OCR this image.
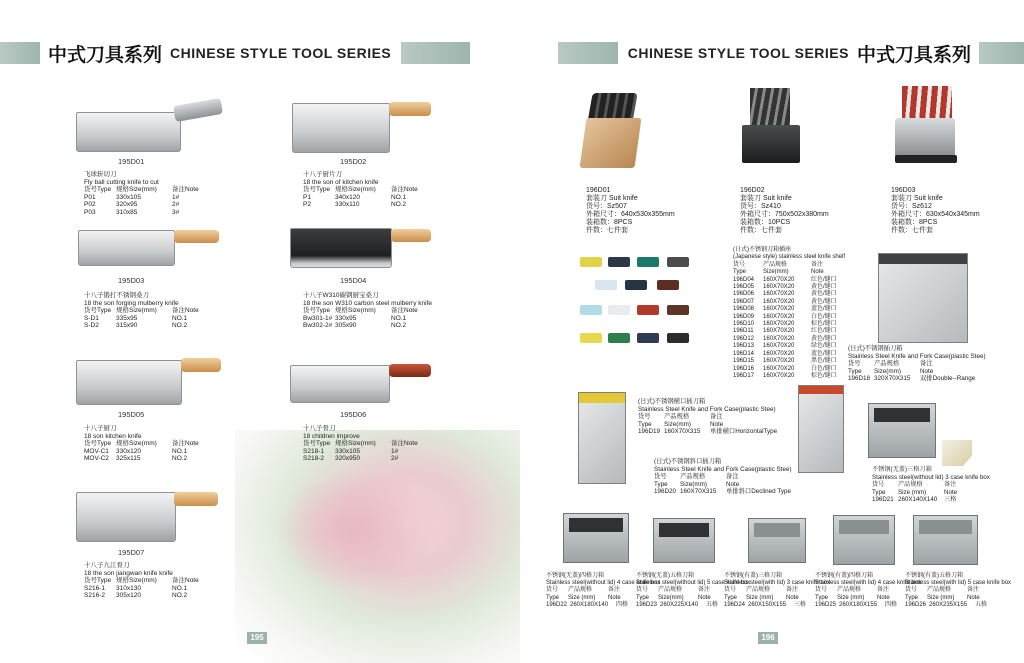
中式刀具系列 CHINESE STYLE TOOL SERIES	CHINESE STYLE TOOL SERIES 中式刀具系列
195D01
飞球斩切刀
Fly ball cutting knife to cut
货号Type 规格Size(mm)	备注Note
P01	330x105	1#
P02	320x95	2#
P03	310x85	3#
195D02
十八子厨片刀
18 the son of kitchen knife
货号Type 规格Size(mm)	备注Note
P1	340x120	NO.1
P2	330x110	NO.2
195D03
十八子锻打不锈钢桑刀
18 the son forging mulberry knife
货号Type 规格Size(mm)	备注Note
S-D1	335x95	NO.1
S-D2	315x90	NO.2
195D04
十八子W310碳钢厨宝桑刀
18 the son W310 carbon steel mulberry knife
货号Type 规格Size(mm)	备注Note
Bw301-1# 330x95	NO.1
Bw302-2# 305x90	NO.2
195D05
十八子厨刀
18 son kitchen knife
货号Type 规格Size(mm)	备注Note
MOV-C1	330x120	NO.1
MOV-C2	325x115	NO.2
195D06
十八子骨刀
18 children improve
货号Type 规格Size(mm)	备注Note
S218-1	330x105	1#
S218-2	320x950	2#
195D07
十八子九江骨刀
18 the son jiangwan knife knife
货号Type 规格Size(mm)	备注Note
S216-1	310x130	NO.1
S216-2	305x120	NO.2
195
196D01
套装刀 Suit knife
货号：Sz507
外箱尺寸：640x530x355mm
装箱数：8PCS
件数：七件套
196D02
套装刀 Suit knife
货号：Sz410
外箱尺寸：750x502x380mm
装箱数：10PCS
件数：七件套
196D03
套装刀 Suit knife
货号：Sz612
外箱尺寸：630x540x345mm
装箱数：8PCS
件数：七件套
(日式)不锈钢刀箱插座
(Japanese style) stainless steel knife shelf
货号	产品规格	备注
Type	Size(mm)	Note
196D04	160X70X20	红色/缝口
196D05	160X70X20	黄色/缝口
196D06	160X70X20	黄色/缝口
196D07	160X70X20	黄色/缝口
196D08	160X70X20	蓝色/缝口
196D09	160X70X20	白色/缝口
196D10	160X70X20	棕色/缝口
196D11	160X70X20	红色/缝口
196D12	160X70X20	黄色/缝口
196D13	160X70X20	绿色/缝口
196D14	160X70X20	蓝色/缝口
196D15	160X70X20	黑色/缝口
196D16	160X70X20	白色/缝口
196D17	160X70X20	棕色/缝口
(日式)不锈钢插刀箱
Stainless Steel Knife and Fork Case(plastic Stee)
货号	产品规格	备注
Type	Size(mm)	Note
196D18 320X70X315	双排Double--Range
(日式)不锈钢横口插刀箱
Stainless Steel Knife and Fork Case(plastic Stee)
货号	产品规格	备注
Type	Size(mm)	Note
196D19 160X70X315	单排横口HorizontalType
(日式)不锈钢斜口插刀箱
Stainless Steel Knife and Fork Case(plastic Stee)
货号	产品规格	备注
Type	Size(mm)	Note
196D20 160X70X315	单排斜口Declined Type
不锈钢(无盖)三格刀箱
Stainless steel(without lid) 3 case knife box
货号	产品规格	备注
Type	Size (mm)	Note
196D21 260X140X140	三格
不锈钢(无盖)四格刀箱
Stainless steel(without lid) 4 case knife box
货号	产品规格	备注
Type	Size (mm)	Note
196D22 260X180X140	四格
不锈钢(无盖)五格刀箱
Stainless steel(without lid) 5 case knife box
货号	产品规格	备注
Type	Size(mm)	Note
196D23 260X225X140	五格
不锈钢(有盖)三格刀箱
Stainless steel(with lid) 3 case knife box
货号	产品规格	备注
Type	Size (mm)	Note
196D24 260X150X155	三格
不锈钢(有盖)四格刀箱
Stainless steel(with lid) 4 case knife box
货号	产品规格	备注
Type	Size (mm)	Note
196D25 260X180X155	四格
不锈钢(有盖)五格刀箱
Stainless steel(with lid) 5 case knife box
货号	产品规格	备注
Type	Size (mm)	Note
196D26 260X235X155	五格
196
